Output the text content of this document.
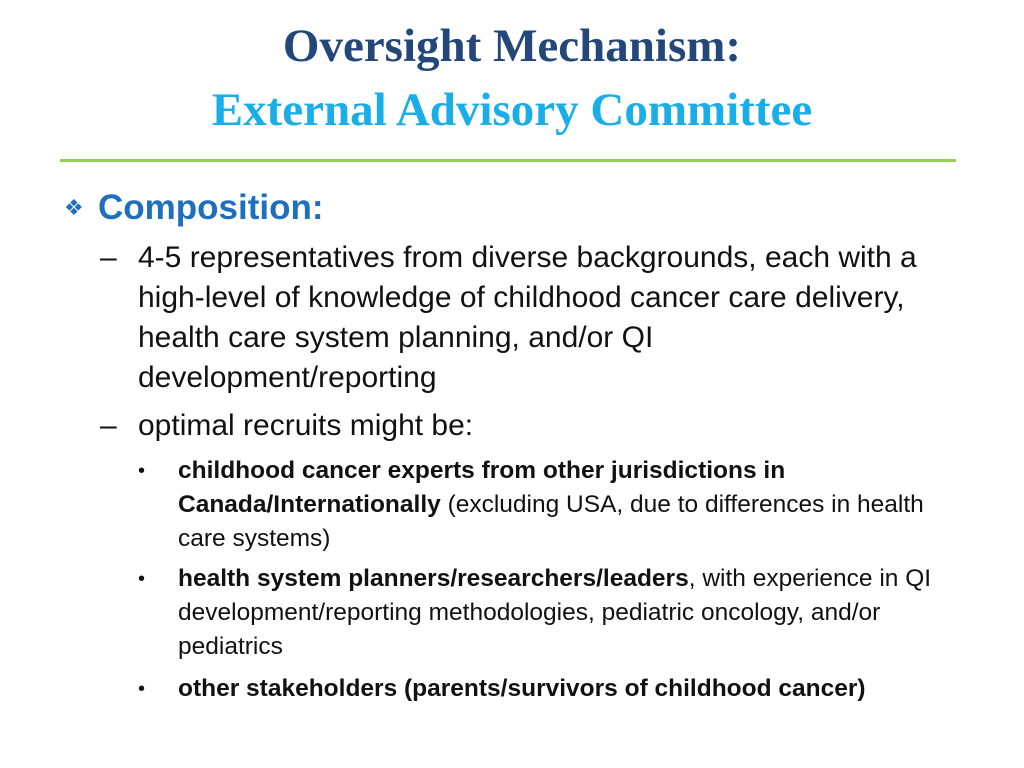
Oversight Mechanism:
External Advisory Committee
❖ Composition:
– 4-5 representatives from diverse backgrounds, each with a high-level of knowledge of childhood cancer care delivery, health care system planning, and/or QI development/reporting
– optimal recruits might be:
• childhood cancer experts from other jurisdictions in Canada/Internationally (excluding USA, due to differences in health care systems)
• health system planners/researchers/leaders, with experience in QI development/reporting methodologies, pediatric oncology, and/or pediatrics
• other stakeholders (parents/survivors of childhood cancer)
